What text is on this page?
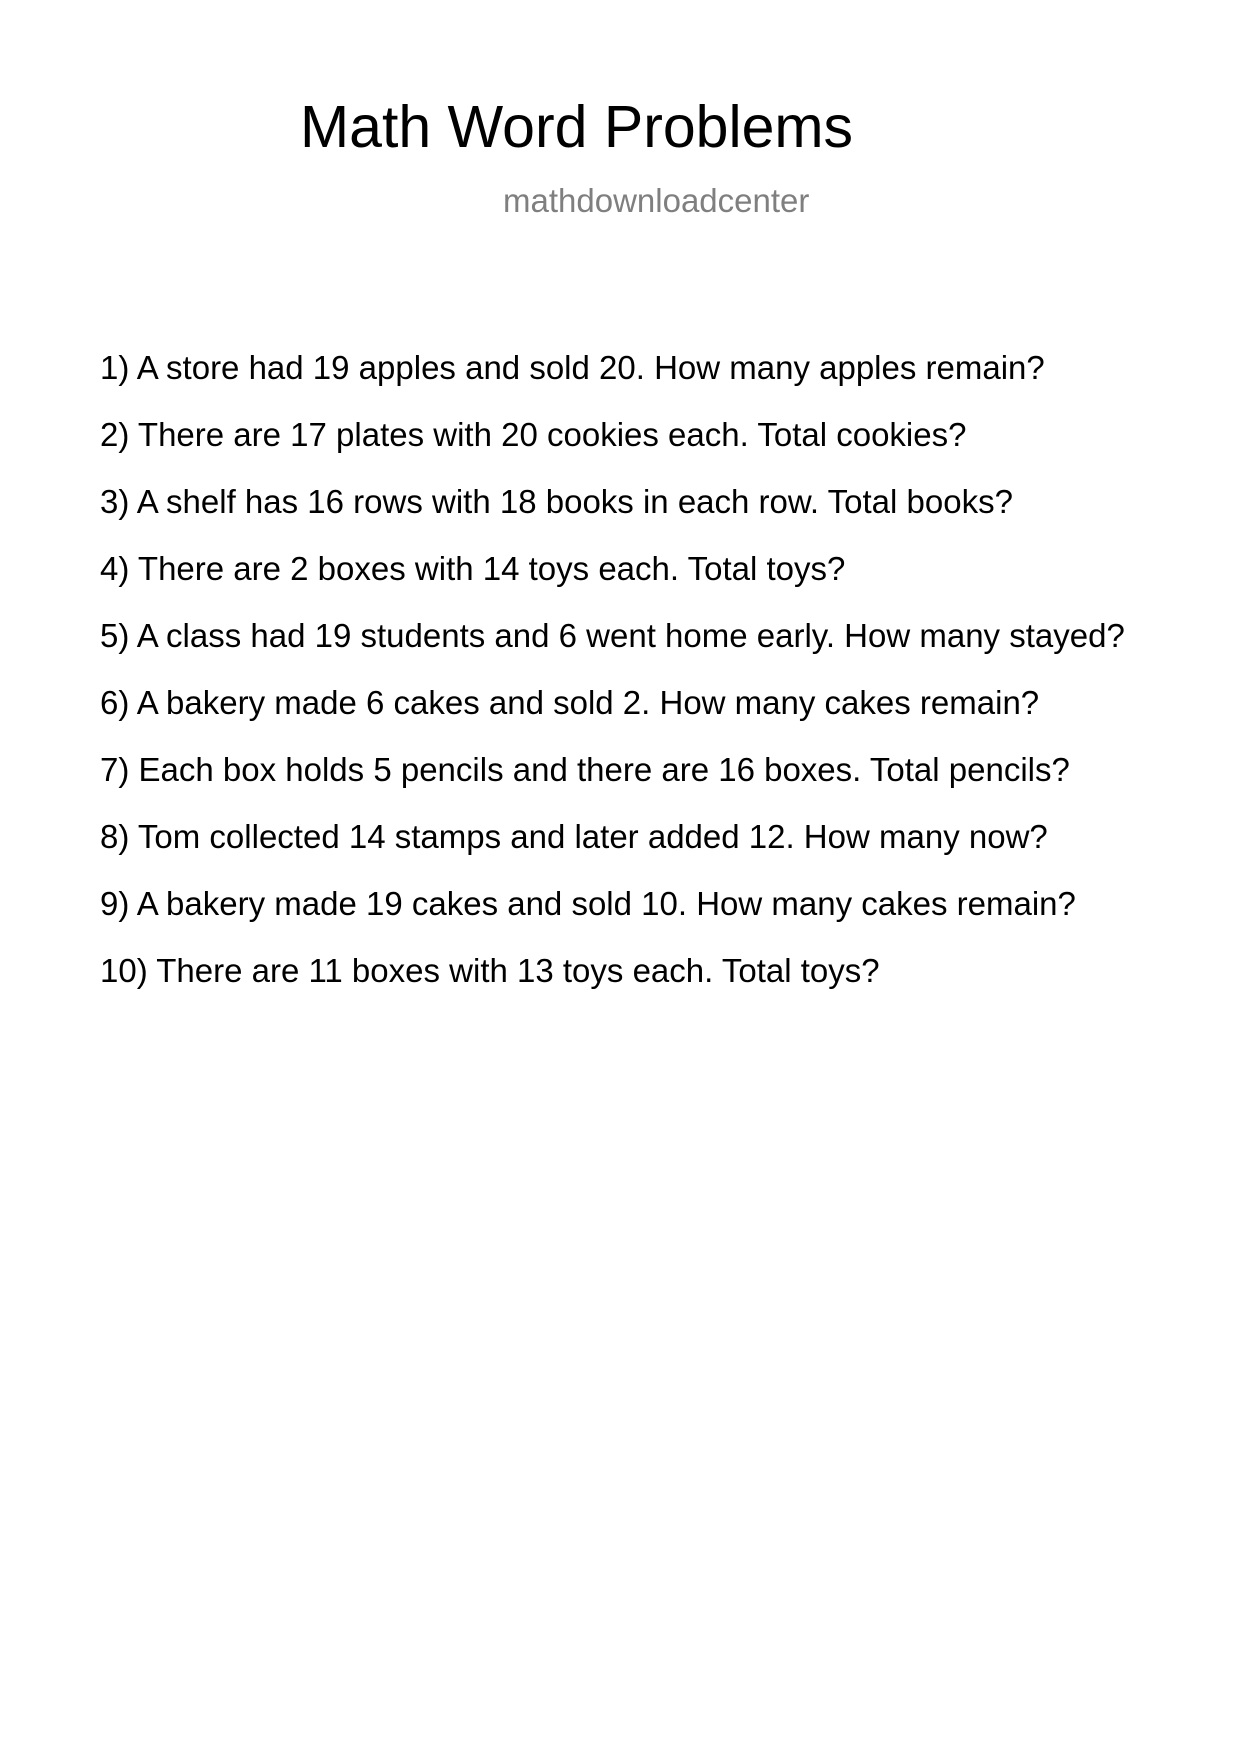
Math Word Problems
mathdownloadcenter
1) A store had 19 apples and sold 20. How many apples remain?
2) There are 17 plates with 20 cookies each. Total cookies?
3) A shelf has 16 rows with 18 books in each row. Total books?
4) There are 2 boxes with 14 toys each. Total toys?
5) A class had 19 students and 6 went home early. How many stayed?
6) A bakery made 6 cakes and sold 2. How many cakes remain?
7) Each box holds 5 pencils and there are 16 boxes. Total pencils?
8) Tom collected 14 stamps and later added 12. How many now?
9) A bakery made 19 cakes and sold 10. How many cakes remain?
10) There are 11 boxes with 13 toys each. Total toys?
